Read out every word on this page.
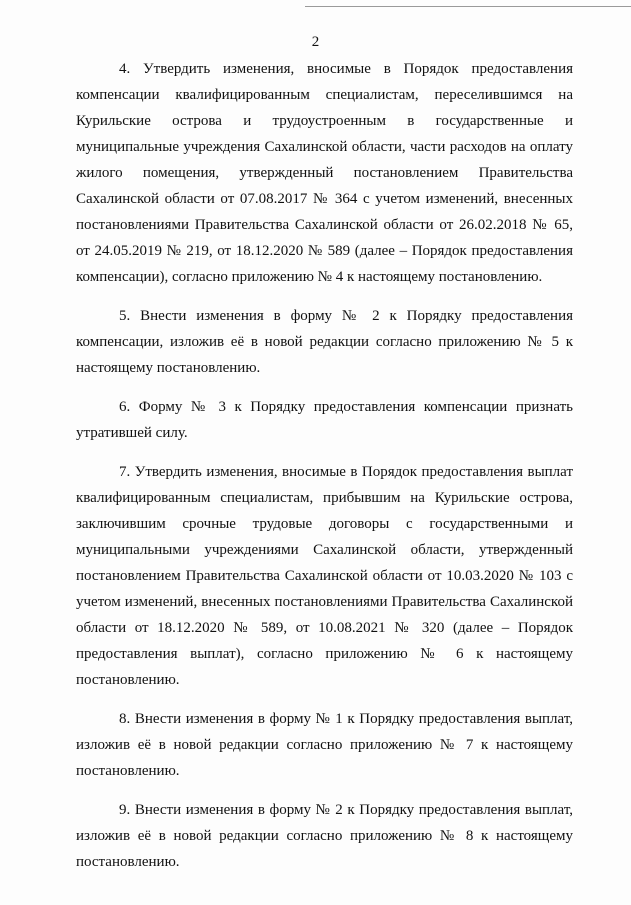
2

4. Утвердить изменения, вносимые в Порядок предоставления компенсации квалифицированным специалистам, переселившимся на Курильские острова и трудоустроенным в государственные и муниципальные учреждения Сахалинской области, части расходов на оплату жилого помещения, утвержденный постановлением Правительства Сахалинской области от 07.08.2017 № 364 с учетом изменений, внесенных постановлениями Правительства Сахалинской области от 26.02.2018 № 65, от 24.05.2019 № 219, от 18.12.2020 № 589 (далее – Порядок предоставления компенсации), согласно приложению № 4 к настоящему постановлению.

5. Внести изменения в форму № 2 к Порядку предоставления компенсации, изложив её в новой редакции согласно приложению № 5 к настоящему постановлению.

6. Форму № 3 к Порядку предоставления компенсации признать утратившей силу.

7. Утвердить изменения, вносимые в Порядок предоставления выплат квалифицированным специалистам, прибывшим на Курильские острова, заключившим срочные трудовые договоры с государственными и муниципальными учреждениями Сахалинской области, утвержденный постановлением Правительства Сахалинской области от 10.03.2020 № 103 с учетом изменений, внесенных постановлениями Правительства Сахалинской области от 18.12.2020 № 589, от 10.08.2021 № 320 (далее – Порядок предоставления выплат), согласно приложению № 6 к настоящему постановлению.

8. Внести изменения в форму № 1 к Порядку предоставления выплат, изложив её в новой редакции согласно приложению № 7 к настоящему постановлению.

9. Внести изменения в форму № 2 к Порядку предоставления выплат, изложив её в новой редакции согласно приложению № 8 к настоящему постановлению.
